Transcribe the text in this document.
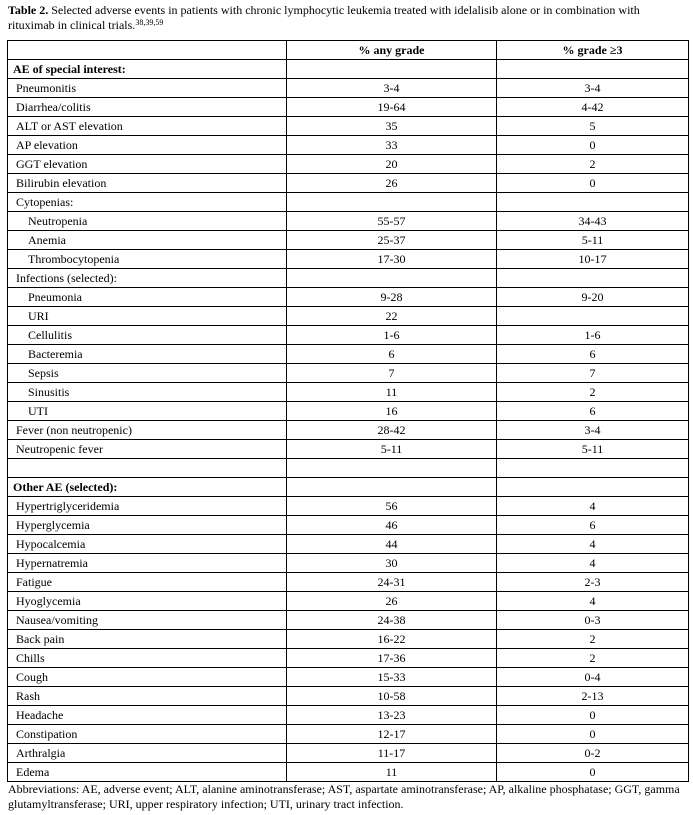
Table 2. Selected adverse events in patients with chronic lymphocytic leukemia treated with idelalisib alone or in combination with rituximab in clinical trials.$^{38,39,59}$
	% any grade	% grade ≥3
AE of special interest:		
Pneumonitis	3-4	3-4
Diarrhea/colitis	19-64	4-42
ALT or AST elevation	35	5
AP elevation	33	0
GGT elevation	20	2
Bilirubin elevation	26	0
Cytopenias:		
Neutropenia	55-57	34-43
Anemia	25-37	5-11
Thrombocytopenia	17-30	10-17
Infections (selected):		
Pneumonia	9-28	9-20
URI	22	
Cellulitis	1-6	1-6
Bacteremia	6	6
Sepsis	7	7
Sinusitis	11	2
UTI	16	6
Fever (non neutropenic)	28-42	3-4
Neutropenic fever	5-11	5-11

Other AE (selected):		
Hypertriglyceridemia	56	4
Hyperglycemia	46	6
Hypocalcemia	44	4
Hypernatremia	30	4
Fatigue	24-31	2-3
Hyoglycemia	26	4
Nausea/vomiting	24-38	0-3
Back pain	16-22	2
Chills	17-36	2
Cough	15-33	0-4
Rash	10-58	2-13
Headache	13-23	0
Constipation	12-17	0
Arthralgia	11-17	0-2
Edema	11	0
Abbreviations: AE, adverse event; ALT, alanine aminotransferase; AST, aspartate aminotransferase; AP, alkaline phosphatase; GGT, gamma glutamyltransferase; URI, upper respiratory infection; UTI, urinary tract infection.
